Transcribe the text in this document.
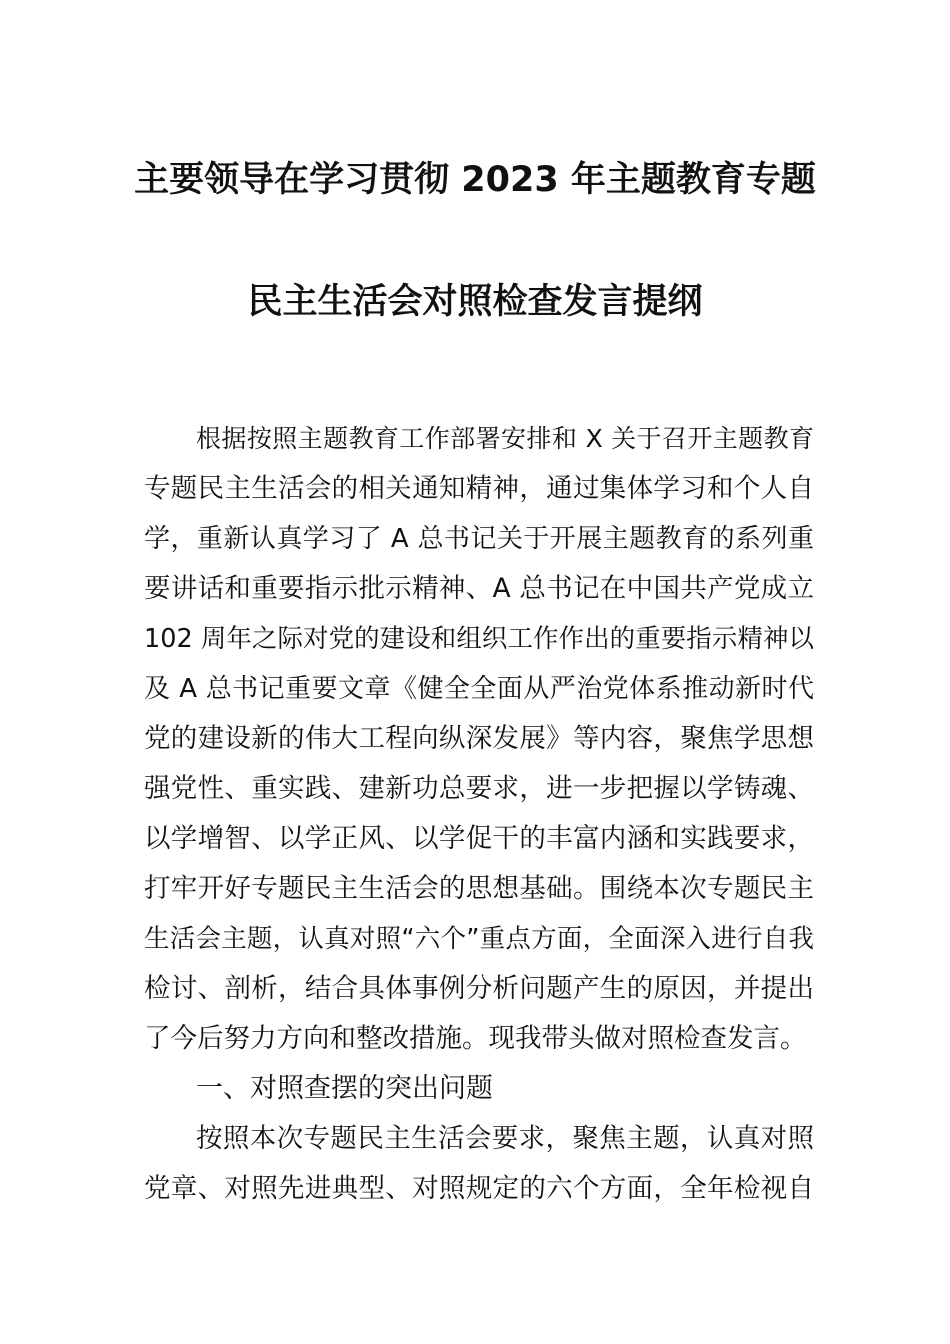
主要领导在学习贯彻 2023 年主题教育专题
民主生活会对照检查发言提纲
根据按照主题教育工作部署安排和 X 关于召开主题教育
专题民主生活会的相关通知精神，通过集体学习和个人自
学，重新认真学习了 A 总书记关于开展主题教育的系列重
要讲话和重要指示批示精神、A 总书记在中国共产党成立
102 周年之际对党的建设和组织工作作出的重要指示精神以
及 A 总书记重要文章《健全全面从严治党体系推动新时代
党的建设新的伟大工程向纵深发展》等内容，聚焦学思想
强党性、重实践、建新功总要求，进一步把握以学铸魂、
以学增智、以学正风、以学促干的丰富内涵和实践要求，
打牢开好专题民主生活会的思想基础。围绕本次专题民主
生活会主题，认真对照“六个”重点方面，全面深入进行自我
检讨、剖析，结合具体事例分析问题产生的原因，并提出
了今后努力方向和整改措施。现我带头做对照检查发言。
一、对照查摆的突出问题
按照本次专题民主生活会要求，聚焦主题，认真对照
党章、对照先进典型、对照规定的六个方面，全年检视自
